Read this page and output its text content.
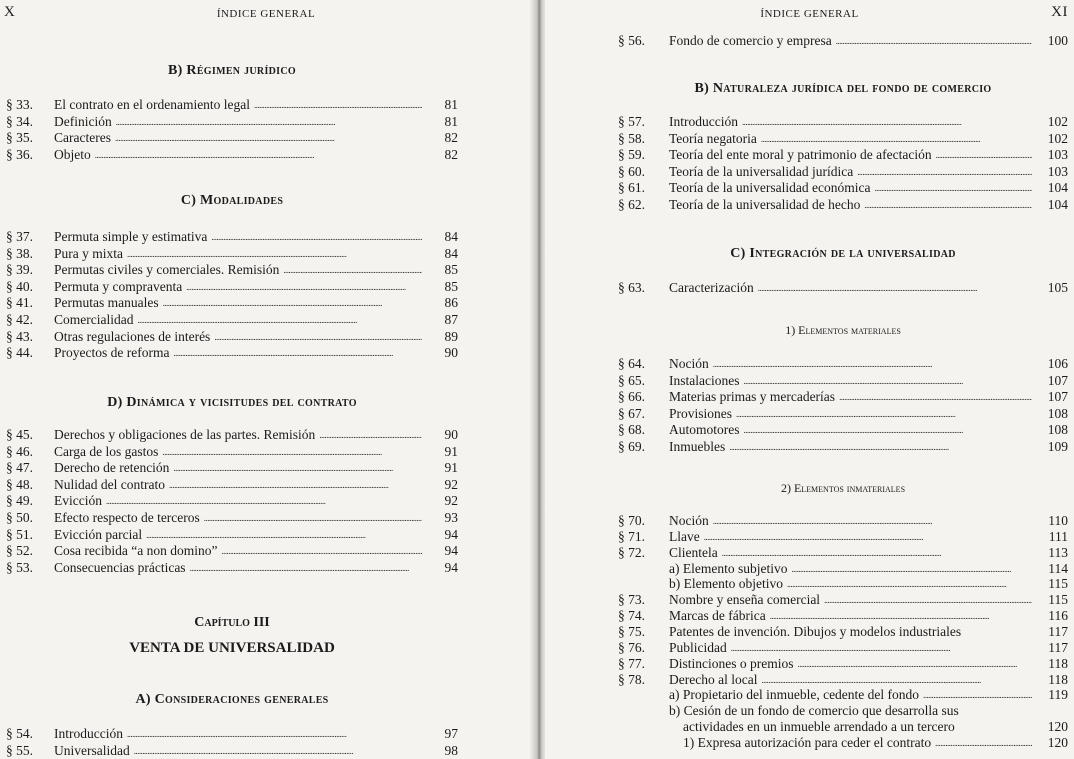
X	ÍNDICE GENERAL
B) Régimen jurídico
§ 33. El contrato en el ordenamiento legal . . .	81
§ 34. Definición . . .	81
§ 35. Caracteres . . .	82
§ 36. Objeto . . .	82
C) Modalidades
§ 37. Permuta simple y estimativa . . .	84
§ 38. Pura y mixta . . .	84
§ 39. Permutas civiles y comerciales. Remisión . . .	85
§ 40. Permuta y compraventa . . .	85
§ 41. Permutas manuales . . .	86
§ 42. Comercialidad . . .	87
§ 43. Otras regulaciones de interés . . .	89
§ 44. Proyectos de reforma . . .	90
D) Dinámica y vicisitudes del contrato
§ 45. Derechos y obligaciones de las partes. Remisión . . .	90
§ 46. Carga de los gastos . . .	91
§ 47. Derecho de retención . . .	91
§ 48. Nulidad del contrato . . .	92
§ 49. Evicción . . .	92
§ 50. Efecto respecto de terceros . . .	93
§ 51. Evicción parcial . . .	94
§ 52. Cosa recibida “a non domino” . . .	94
§ 53. Consecuencias prácticas . . .	94
Capítulo III
VENTA DE UNIVERSALIDAD
A) Consideraciones generales
§ 54. Introducción . . .	97
§ 55. Universalidad . . .	98
ÍNDICE GENERAL	XI
§ 56. Fondo de comercio y empresa . . .	100
B) Naturaleza jurídica del fondo de comercio
§ 57. Introducción . . .	102
§ 58. Teoría negatoria . . .	102
§ 59. Teoría del ente moral y patrimonio de afectación . . .	103
§ 60. Teoría de la universalidad jurídica . . .	103
§ 61. Teoría de la universalidad económica . . .	104
§ 62. Teoría de la universalidad de hecho . . .	104
C) Integración de la universalidad
§ 63. Caracterización . . .	105
1) Elementos materiales
§ 64. Noción . . .	106
§ 65. Instalaciones . . .	107
§ 66. Materias primas y mercaderías . . .	107
§ 67. Provisiones . . .	108
§ 68. Automotores . . .	108
§ 69. Inmuebles . . .	109
2) Elementos inmateriales
§ 70. Noción . . .	110
§ 71. Llave . . .	111
§ 72. Clientela . . .	113
a) Elemento subjetivo . . .	114
b) Elemento objetivo . . .	115
§ 73. Nombre y enseña comercial . . .	115
§ 74. Marcas de fábrica . . .	116
§ 75. Patentes de invención. Dibujos y modelos industriales	117
§ 76. Publicidad . . .	117
§ 77. Distinciones o premios . . .	118
§ 78. Derecho al local . . .	118
a) Propietario del inmueble, cedente del fondo . . .	119
b) Cesión de un fondo de comercio que desarrolla sus
actividades en un inmueble arrendado a un tercero	120
1) Expresa autorización para ceder el contrato . . .	120
